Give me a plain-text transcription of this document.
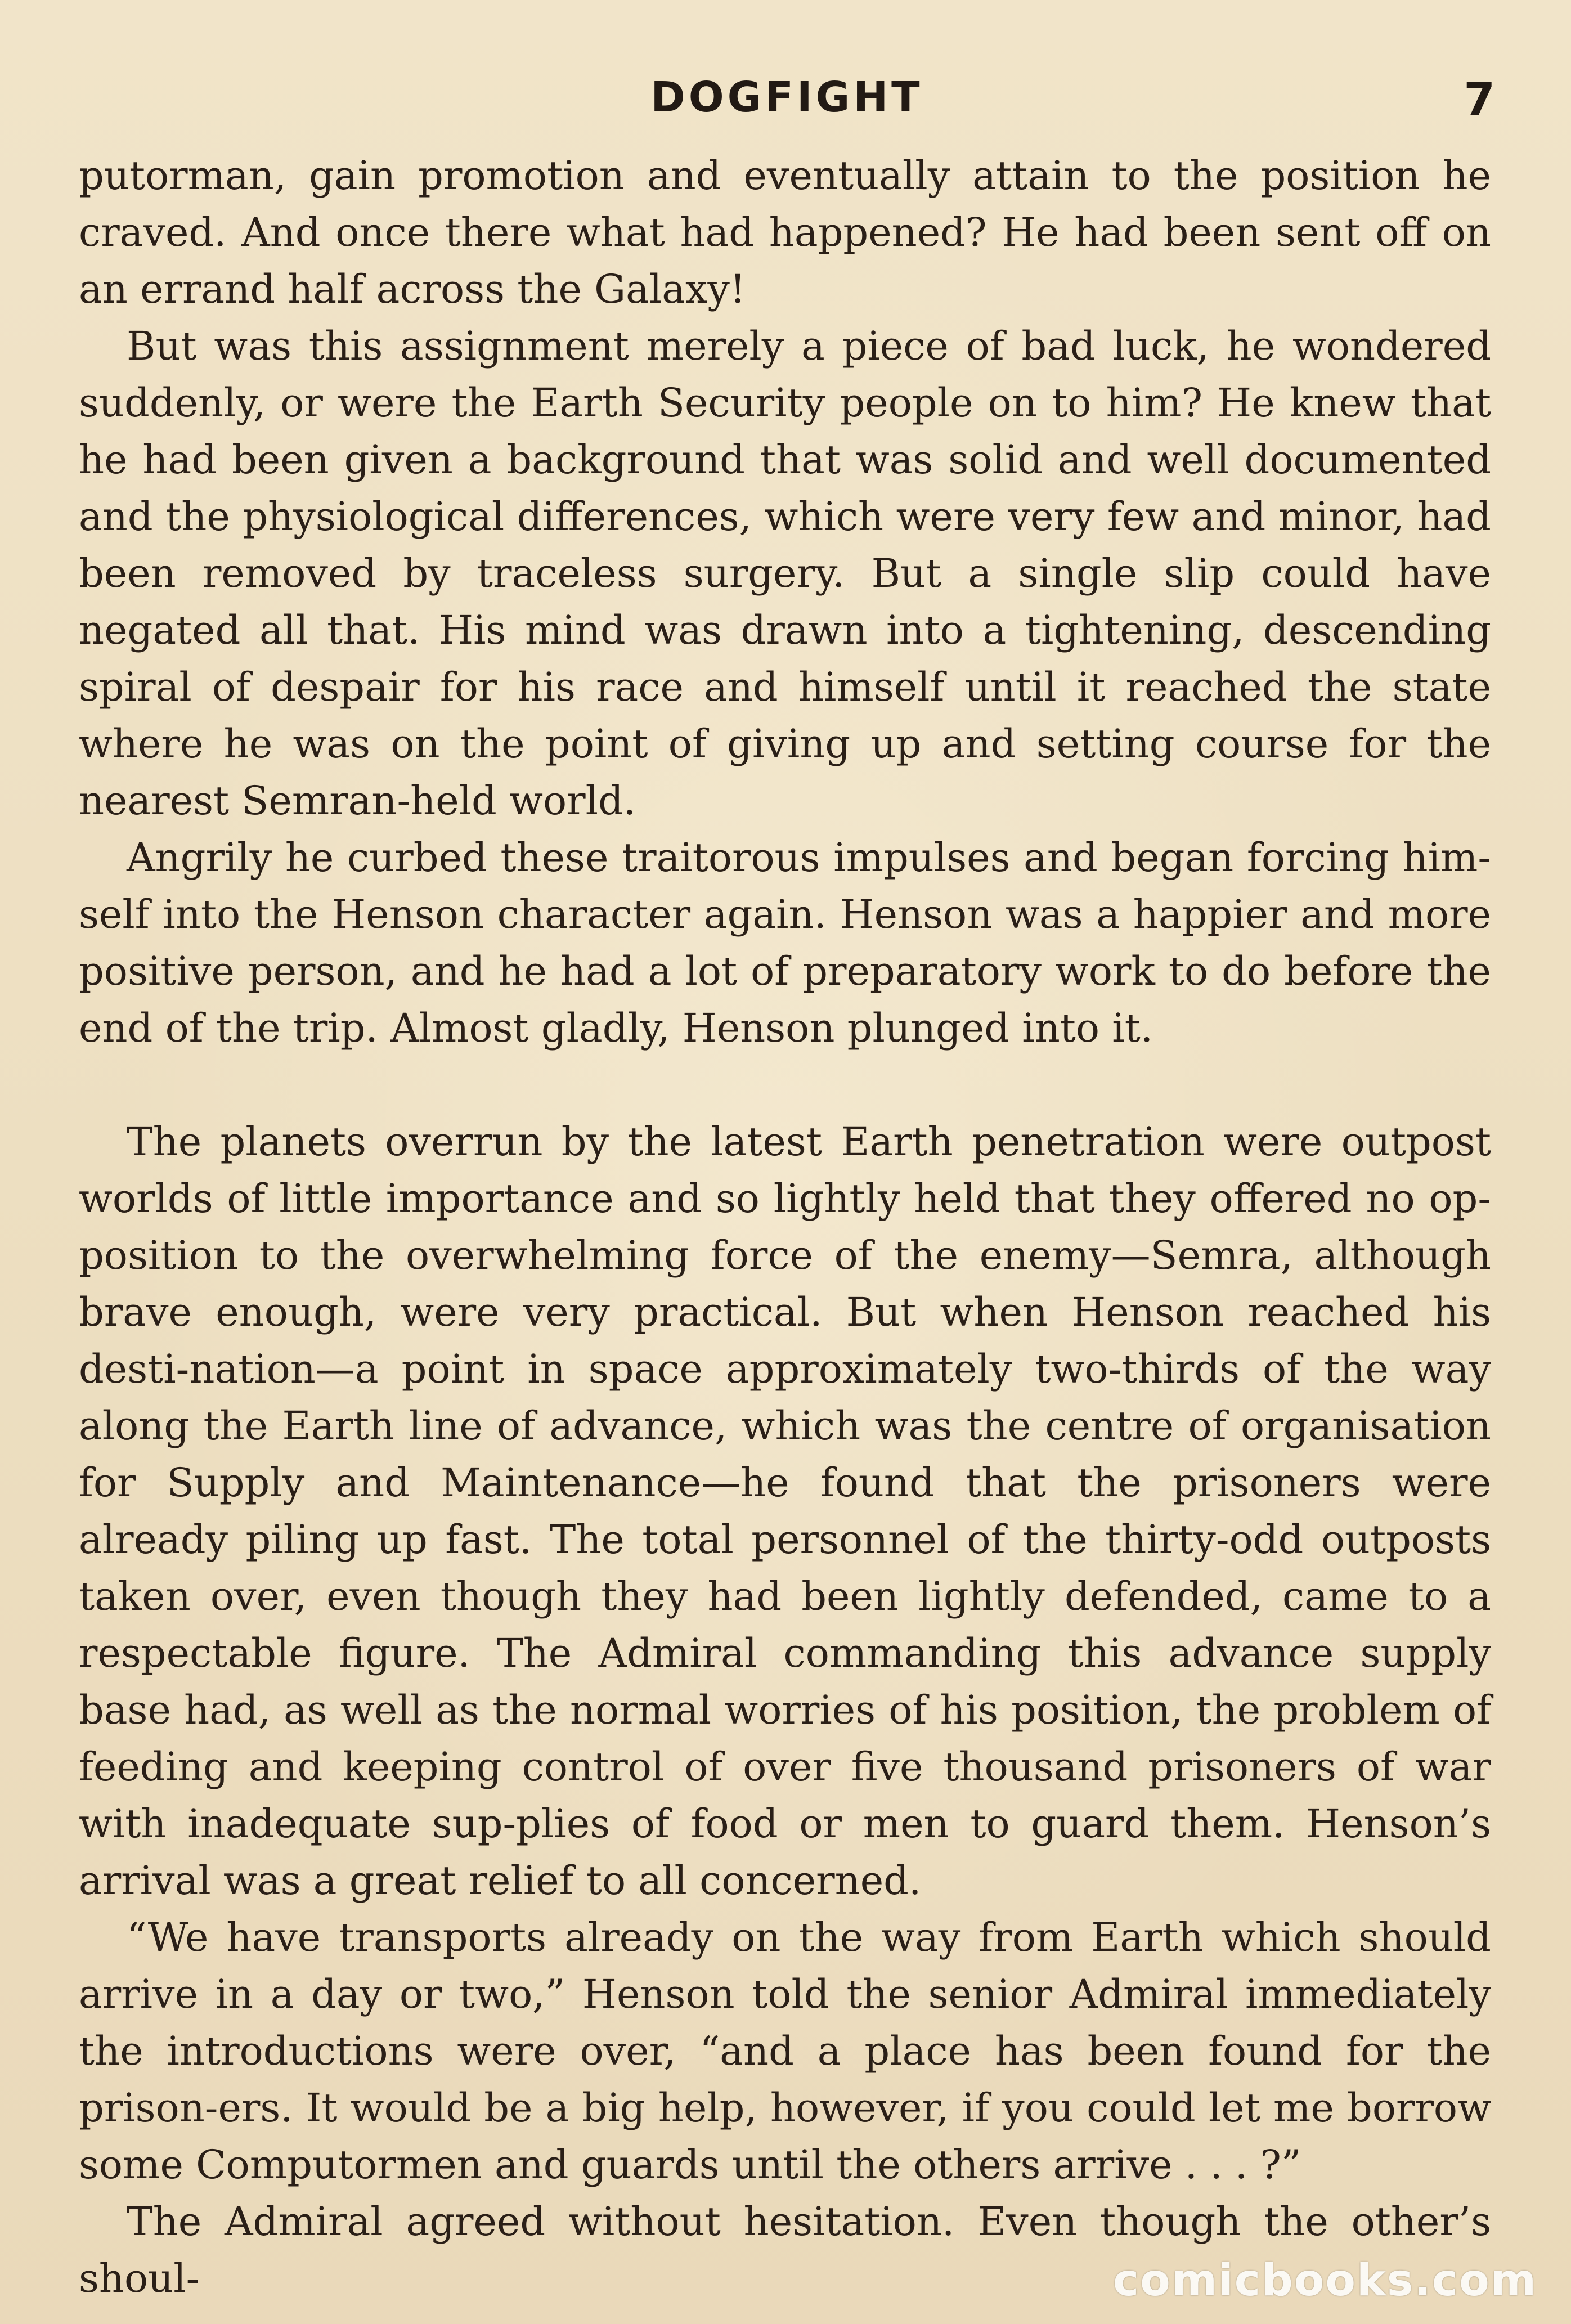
DOGFIGHT	7

putorman, gain promotion and eventually attain to the position he craved. And once there what had happened? He had been sent off on an errand half across the Galaxy!

But was this assignment merely a piece of bad luck, he wondered suddenly, or were the Earth Security people on to him? He knew that he had been given a background that was solid and well documented and the physiological differences, which were very few and minor, had been removed by traceless surgery. But a single slip could have negated all that. His mind was drawn into a tightening, descending spiral of despair for his race and himself until it reached the state where he was on the point of giving up and setting course for the nearest Semran-held world.

Angrily he curbed these traitorous impulses and began forcing him-self into the Henson character again. Henson was a happier and more positive person, and he had a lot of preparatory work to do before the end of the trip. Almost gladly, Henson plunged into it.

The planets overrun by the latest Earth penetration were outpost worlds of little importance and so lightly held that they offered no op-position to the overwhelming force of the enemy—Semra, although brave enough, were very practical. But when Henson reached his desti-nation—a point in space approximately two-thirds of the way along the Earth line of advance, which was the centre of organisation for Supply and Maintenance—he found that the prisoners were already piling up fast. The total personnel of the thirty-odd outposts taken over, even though they had been lightly defended, came to a respectable figure. The Admiral commanding this advance supply base had, as well as the normal worries of his position, the problem of feeding and keeping control of over five thousand prisoners of war with inadequate sup-plies of food or men to guard them. Henson’s arrival was a great relief to all concerned.

“We have transports already on the way from Earth which should arrive in a day or two,” Henson told the senior Admiral immediately the introductions were over, “and a place has been found for the prison-ers. It would be a big help, however, if you could let me borrow some Computormen and guards until the others arrive . . . ?”

The Admiral agreed without hesitation. Even though the other’s shoul-	comicbooks.com
